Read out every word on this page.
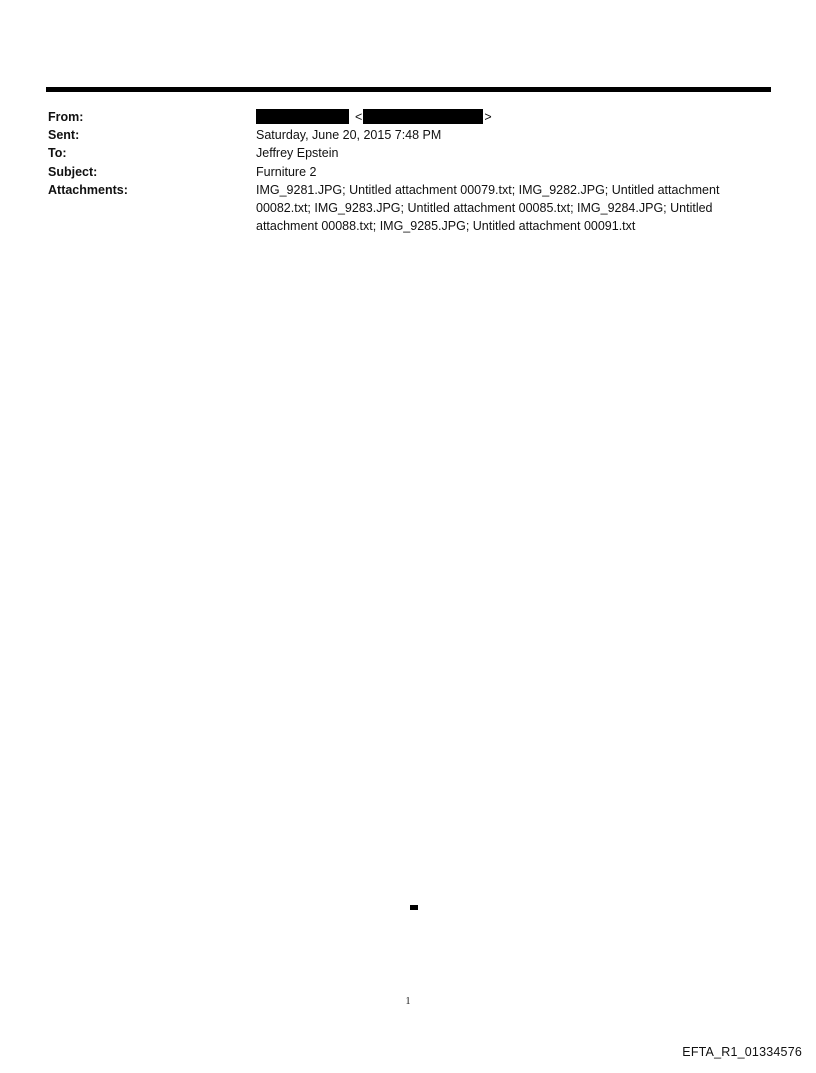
From:	<	>
Sent:	Saturday, June 20, 2015 7:48 PM
To:	Jeffrey Epstein
Subject:	Furniture 2
Attachments:	IMG_9281.JPG; Untitled attachment 00079.txt; IMG_9282.JPG; Untitled attachment
00082.txt; IMG_9283.JPG; Untitled attachment 00085.txt; IMG_9284.JPG; Untitled
attachment 00088.txt; IMG_9285.JPG; Untitled attachment 00091.txt
1
EFTA_R1_01334576
